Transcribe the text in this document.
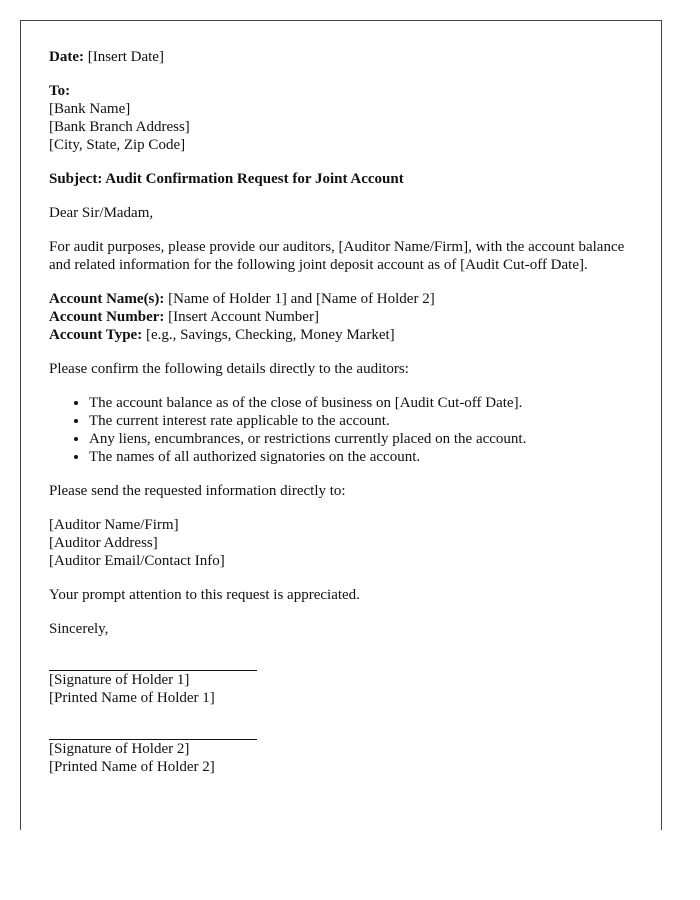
Date: [Insert Date]

To:
[Bank Name]
[Bank Branch Address]
[City, State, Zip Code]

Subject: Audit Confirmation Request for Joint Account

Dear Sir/Madam,

For audit purposes, please provide our auditors, [Auditor Name/Firm], with the account balance and related information for the following joint deposit account as of [Audit Cut-off Date].

Account Name(s): [Name of Holder 1] and [Name of Holder 2]
Account Number: [Insert Account Number]
Account Type: [e.g., Savings, Checking, Money Market]

Please confirm the following details directly to the auditors:

• The account balance as of the close of business on [Audit Cut-off Date].
• The current interest rate applicable to the account.
• Any liens, encumbrances, or restrictions currently placed on the account.
• The names of all authorized signatories on the account.

Please send the requested information directly to:

[Auditor Name/Firm]
[Auditor Address]
[Auditor Email/Contact Info]

Your prompt attention to this request is appreciated.

Sincerely,

[Signature of Holder 1]

[Printed Name of Holder 1]

[Signature of Holder 2]

[Printed Name of Holder 2]
